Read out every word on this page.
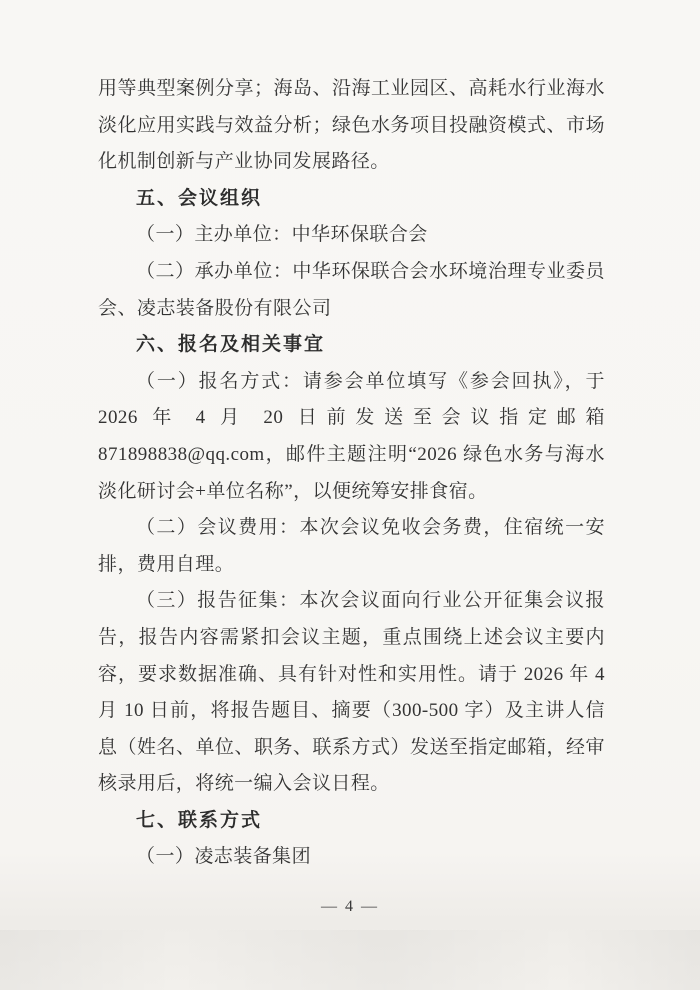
用等典型案例分享；海岛、沿海工业园区、高耗水行业海水淡化应用实践与效益分析；绿色水务项目投融资模式、市场化机制创新与产业协同发展路径。

五、会议组织

（一）主办单位：中华环保联合会

（二）承办单位：中华环保联合会水环境治理专业委员会、凌志装备股份有限公司

六、报名及相关事宜

（一）报名方式：请参会单位填写《参会回执》，于 2026 年 4 月 20 日前发送至会议指定邮箱 871898838@qq.com，邮件主题注明“2026 绿色水务与海水淡化研讨会+单位名称”，以便统筹安排食宿。

（二）会议费用：本次会议免收会务费，住宿统一安排，费用自理。

（三）报告征集：本次会议面向行业公开征集会议报告，报告内容需紧扣会议主题，重点围绕上述会议主要内容，要求数据准确、具有针对性和实用性。请于 2026 年 4 月 10 日前，将报告题目、摘要（300-500 字）及主讲人信息（姓名、单位、职务、联系方式）发送至指定邮箱，经审核录用后，将统一编入会议日程。

七、联系方式

（一）凌志装备集团

— 4 —
